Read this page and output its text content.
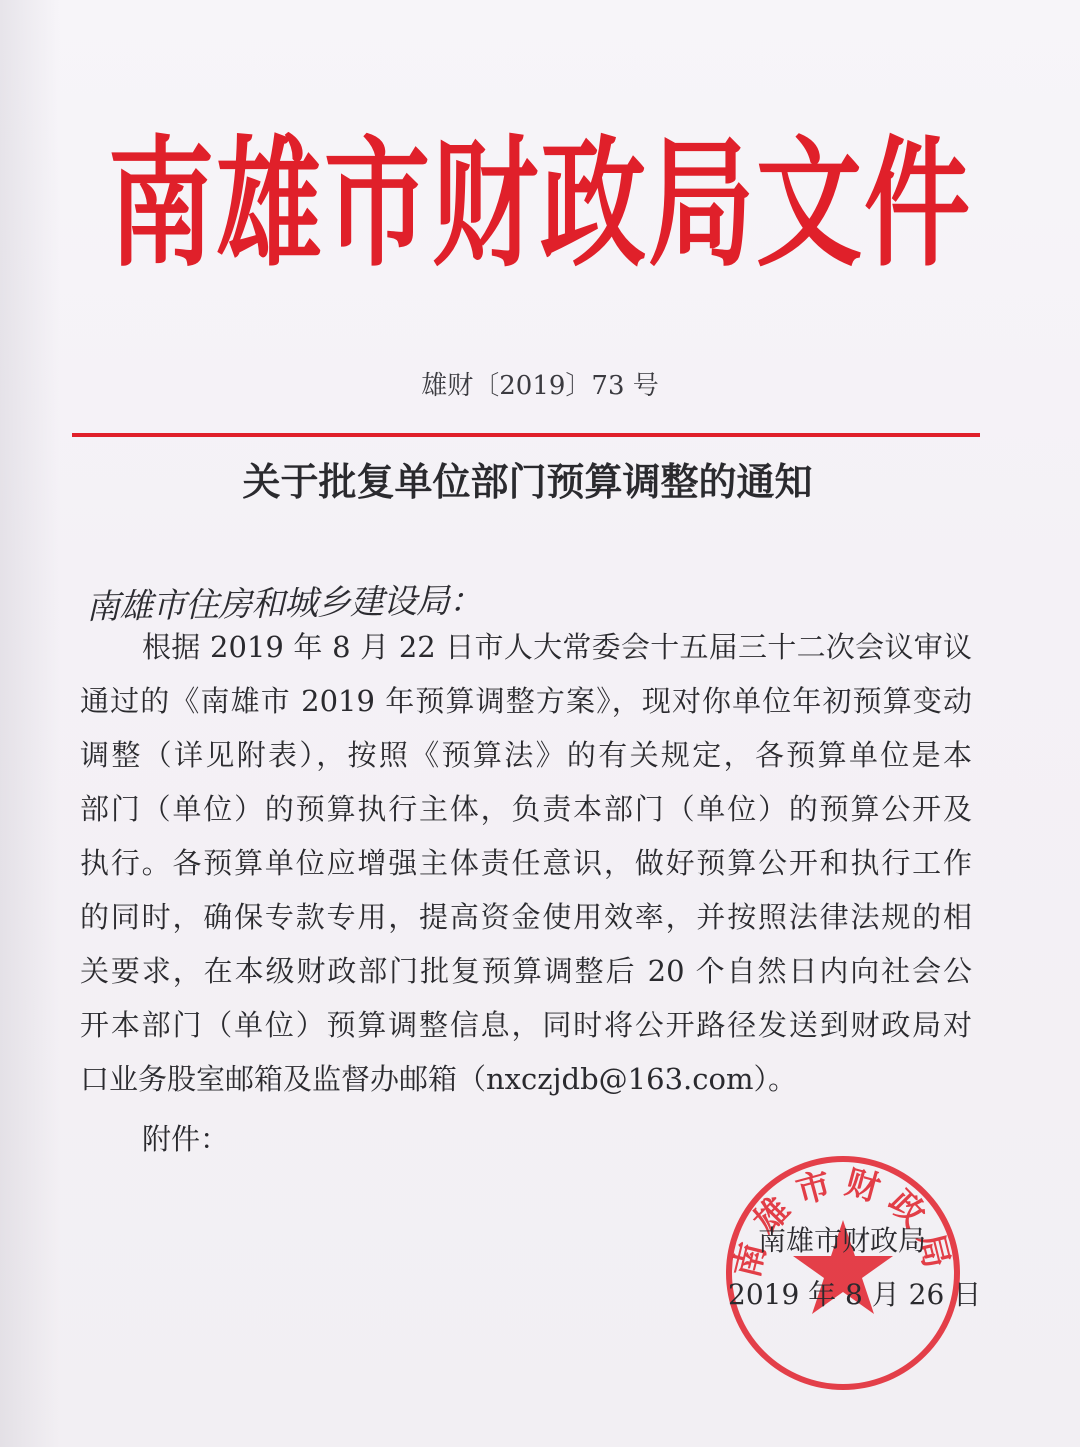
南雄市财政局文件
雄财〔2019〕73 号
关于批复单位部门预算调整的通知
南雄市住房和城乡建设局：
根据 2019 年 8 月 22 日市人大常委会十五届三十二次会议审议
通过的《南雄市 2019 年预算调整方案》，现对你单位年初预算变动
调整（详见附表），按照《预算法》的有关规定，各预算单位是本
部门（单位）的预算执行主体，负责本部门（单位）的预算公开及
执行。各预算单位应增强主体责任意识，做好预算公开和执行工作
的同时，确保专款专用，提高资金使用效率，并按照法律法规的相
关要求，在本级财政部门批复预算调整后 20 个自然日内向社会公
开本部门（单位）预算调整信息，同时将公开路径发送到财政局对
口业务股室邮箱及监督办邮箱（nxczjdb@163.com）。
附件：
南雄市财政局
南雄市财政局
2019 年 8 月 26 日
